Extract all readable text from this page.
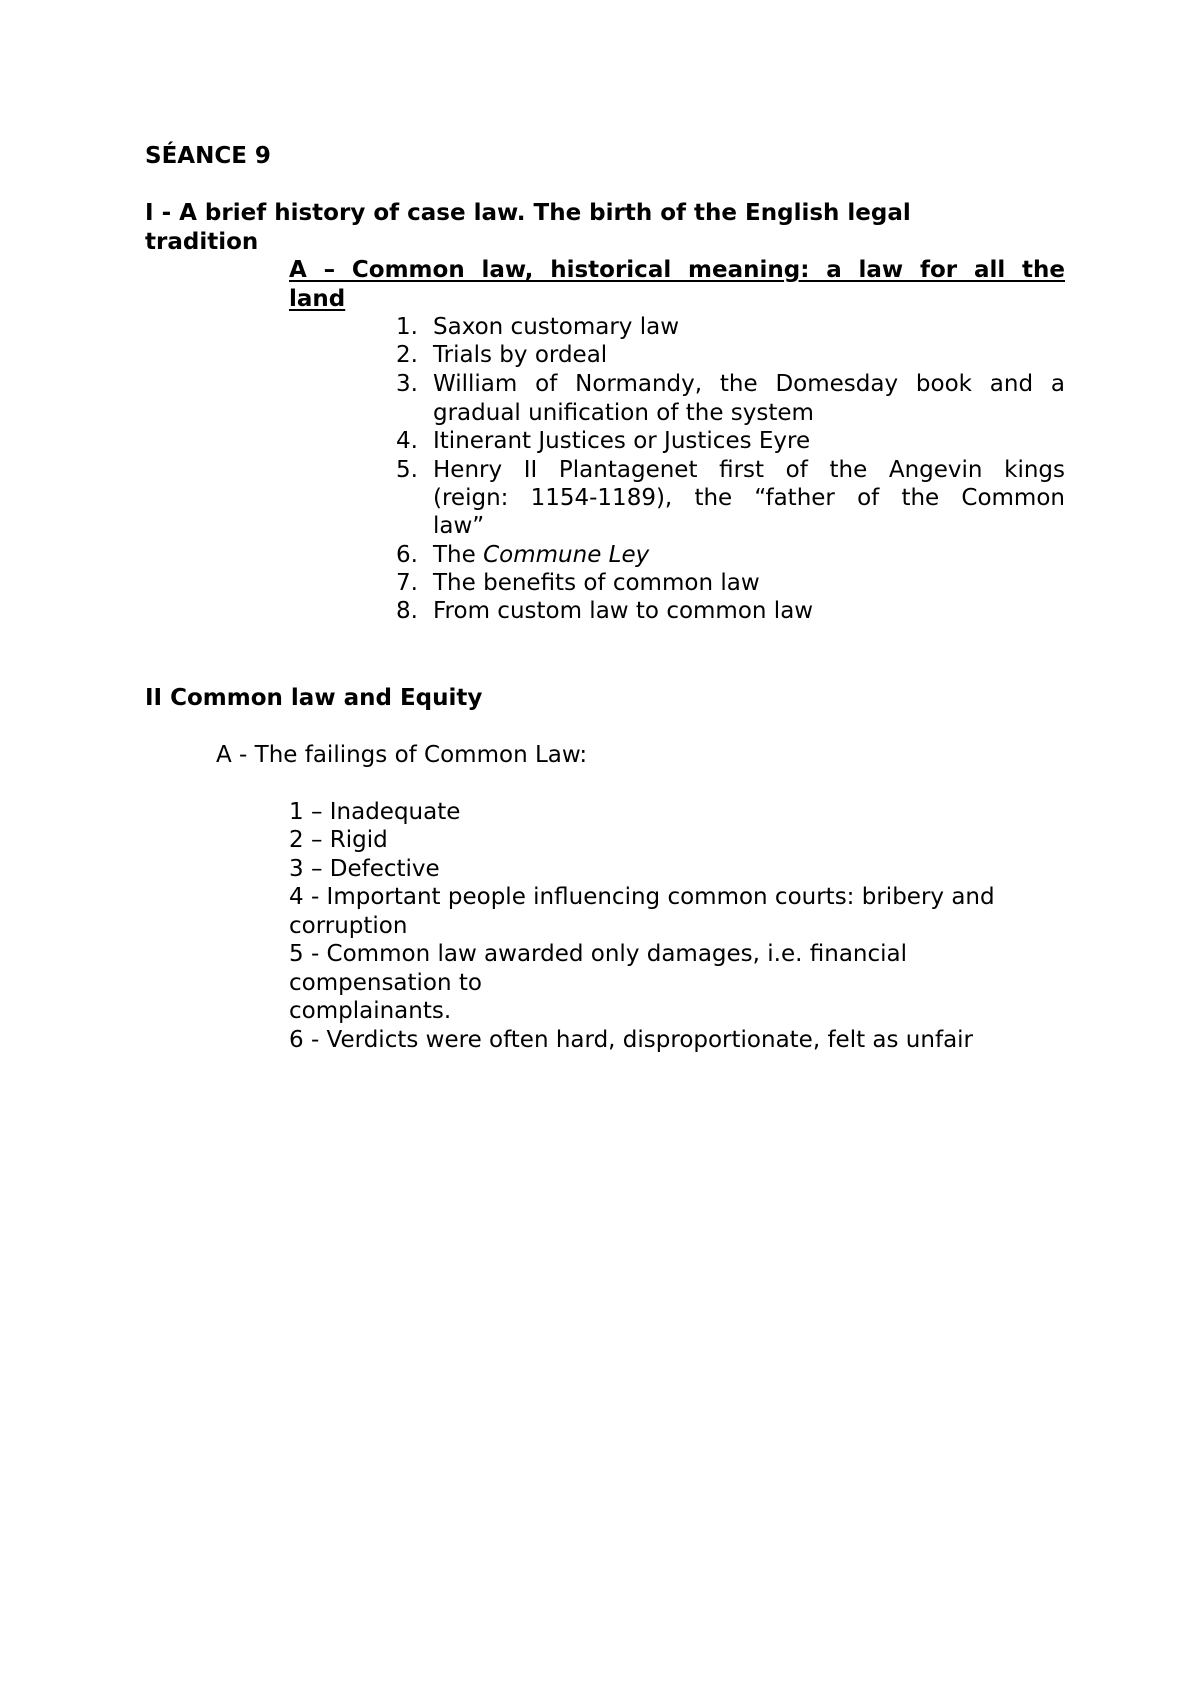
SÉANCE 9
I - A brief history of case law. The birth of the English legal
tradition
A – Common law, historical meaning: a law for all the
land
1. Saxon customary law
2. Trials by ordeal
3. William of Normandy, the Domesday book and a
gradual unification of the system
4. Itinerant Justices or Justices Eyre
5. Henry II Plantagenet first of the Angevin kings
(reign: 1154-1189), the “father of the Common
law”
6. The Commune Ley
7. The benefits of common law
8. From custom law to common law
II Common law and Equity
A - The failings of Common Law:
1 – Inadequate
2 – Rigid
3 – Defective
4 - Important people influencing common courts: bribery and
corruption
5 - Common law awarded only damages, i.e. financial
compensation to
complainants.
6 - Verdicts were often hard, disproportionate, felt as unfair
